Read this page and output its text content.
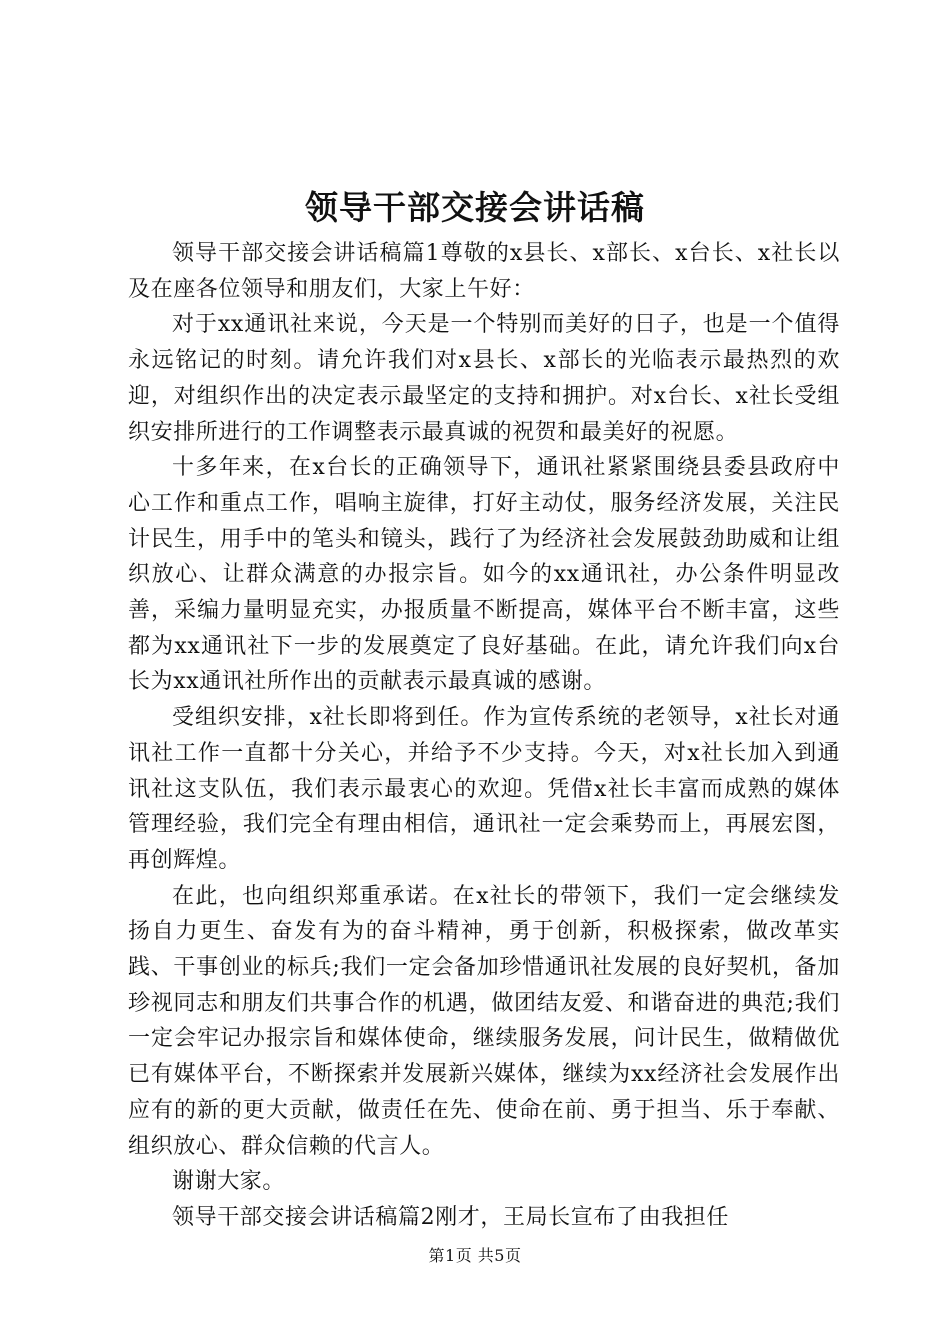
领导干部交接会讲话稿

领导干部交接会讲话稿篇1尊敬的x县长、x部长、x台长、x社长以及在座各位领导和朋友们，大家上午好：

对于xx通讯社来说，今天是一个特别而美好的日子，也是一个值得永远铭记的时刻。请允许我们对x县长、x部长的光临表示最热烈的欢迎，对组织作出的决定表示最坚定的支持和拥护。对x台长、x社长受组织安排所进行的工作调整表示最真诚的祝贺和最美好的祝愿。

十多年来，在x台长的正确领导下，通讯社紧紧围绕县委县政府中心工作和重点工作，唱响主旋律，打好主动仗，服务经济发展，关注民计民生，用手中的笔头和镜头，践行了为经济社会发展鼓劲助威和让组织放心、让群众满意的办报宗旨。如今的xx通讯社，办公条件明显改善，采编力量明显充实，办报质量不断提高，媒体平台不断丰富，这些都为xx通讯社下一步的发展奠定了良好基础。在此，请允许我们向x台长为xx通讯社所作出的贡献表示最真诚的感谢。

受组织安排，x社长即将到任。作为宣传系统的老领导，x社长对通讯社工作一直都十分关心，并给予不少支持。今天，对x社长加入到通讯社这支队伍，我们表示最衷心的欢迎。凭借x社长丰富而成熟的媒体管理经验，我们完全有理由相信，通讯社一定会乘势而上，再展宏图，再创辉煌。

在此，也向组织郑重承诺。在x社长的带领下，我们一定会继续发扬自力更生、奋发有为的奋斗精神，勇于创新，积极探索，做改革实践、干事创业的标兵;我们一定会备加珍惜通讯社发展的良好契机，备加珍视同志和朋友们共事合作的机遇，做团结友爱、和谐奋进的典范;我们一定会牢记办报宗旨和媒体使命，继续服务发展，问计民生，做精做优已有媒体平台，不断探索并发展新兴媒体，继续为xx经济社会发展作出应有的新的更大贡献，做责任在先、使命在前、勇于担当、乐于奉献、组织放心、群众信赖的代言人。

谢谢大家。

领导干部交接会讲话稿篇2刚才，王局长宣布了由我担任

第1页 共5页
